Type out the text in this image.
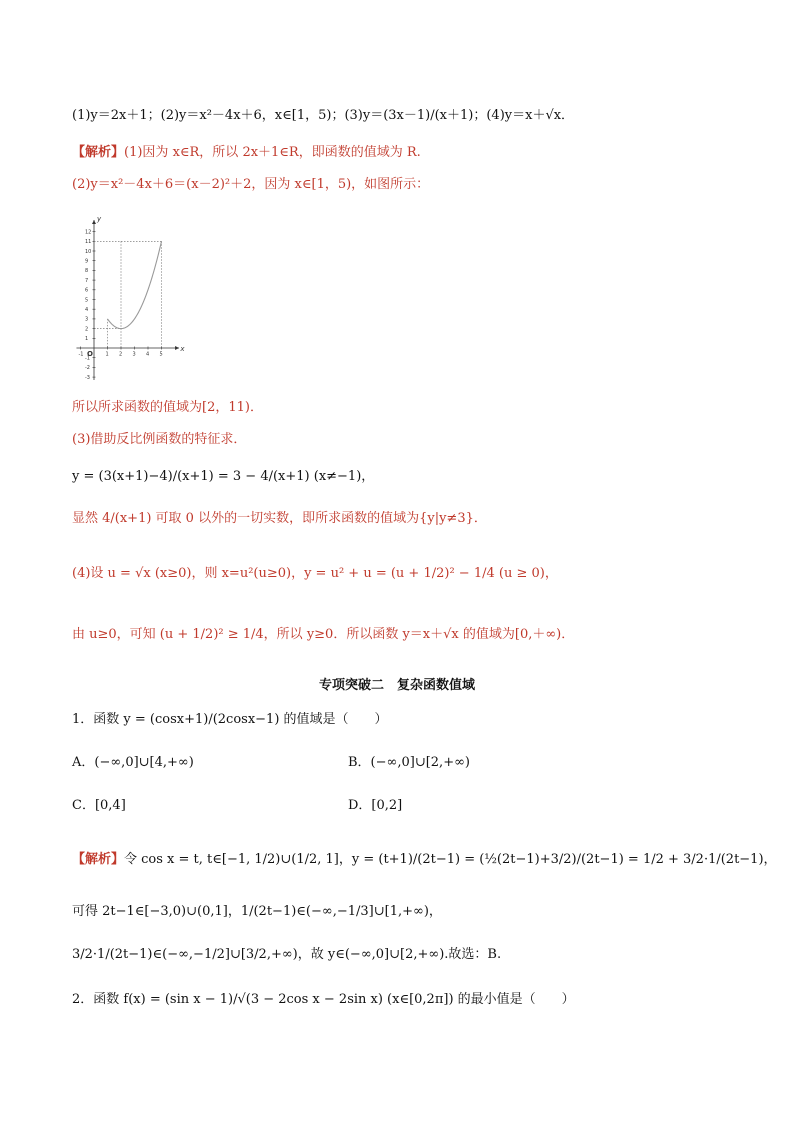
(1)y＝2x＋1；(2)y＝x²－4x＋6，x∈[1，5)；(3)y＝(3x－1)/(x＋1)；(4)y＝x＋√x．
【解析】(1)因为 x∈R，所以 2x＋1∈R，即函数的值域为 R.
(2)y＝x²－4x＋6＝(x－2)²＋2，因为 x∈[1，5)，如图所示：
x
y
O
-1	1 2 3 4 5
12
11
10
9
8
7
6
5
4
3
2
1
-1
-2
-3
所以所求函数的值域为[2，11)．
(3)借助反比例函数的特征求．
y = (3(x+1)−4)/(x+1) = 3 − 4/(x+1) (x≠−1)，
显然 4/(x+1) 可取 0 以外的一切实数，即所求函数的值域为{y|y≠3}．
(4)设 u = √x (x≥0)，则 x=u²(u≥0)，y = u² + u = (u + 1/2)² − 1/4 (u ≥ 0)，
由 u≥0，可知 (u + 1/2)² ≥ 1/4，所以 y≥0．所以函数 y＝x＋√x 的值域为[0,＋∞)．
专项突破二　复杂函数值域
1．函数 y = (cosx+1)/(2cosx−1) 的值域是（　　）
A．(−∞,0]∪[4,+∞)	B．(−∞,0]∪[2,+∞)
C．[0,4]	D．[0,2]
【解析】令 cos x = t, t∈[−1, 1/2)∪(1/2, 1]，y = (t+1)/(2t−1) = (½(2t−1)+3/2)/(2t−1) = 1/2 + 3/2·1/(2t−1)，
可得 2t−1∈[−3,0)∪(0,1]，1/(2t−1)∈(−∞,−1/3]∪[1,+∞)，
3/2·1/(2t−1)∈(−∞,−1/2]∪[3/2,+∞)，故 y∈(−∞,0]∪[2,+∞).故选：B.
2．函数 f(x) = (sin x − 1)/√(3 − 2cos x − 2sin x) (x∈[0,2π]) 的最小值是（　　）
